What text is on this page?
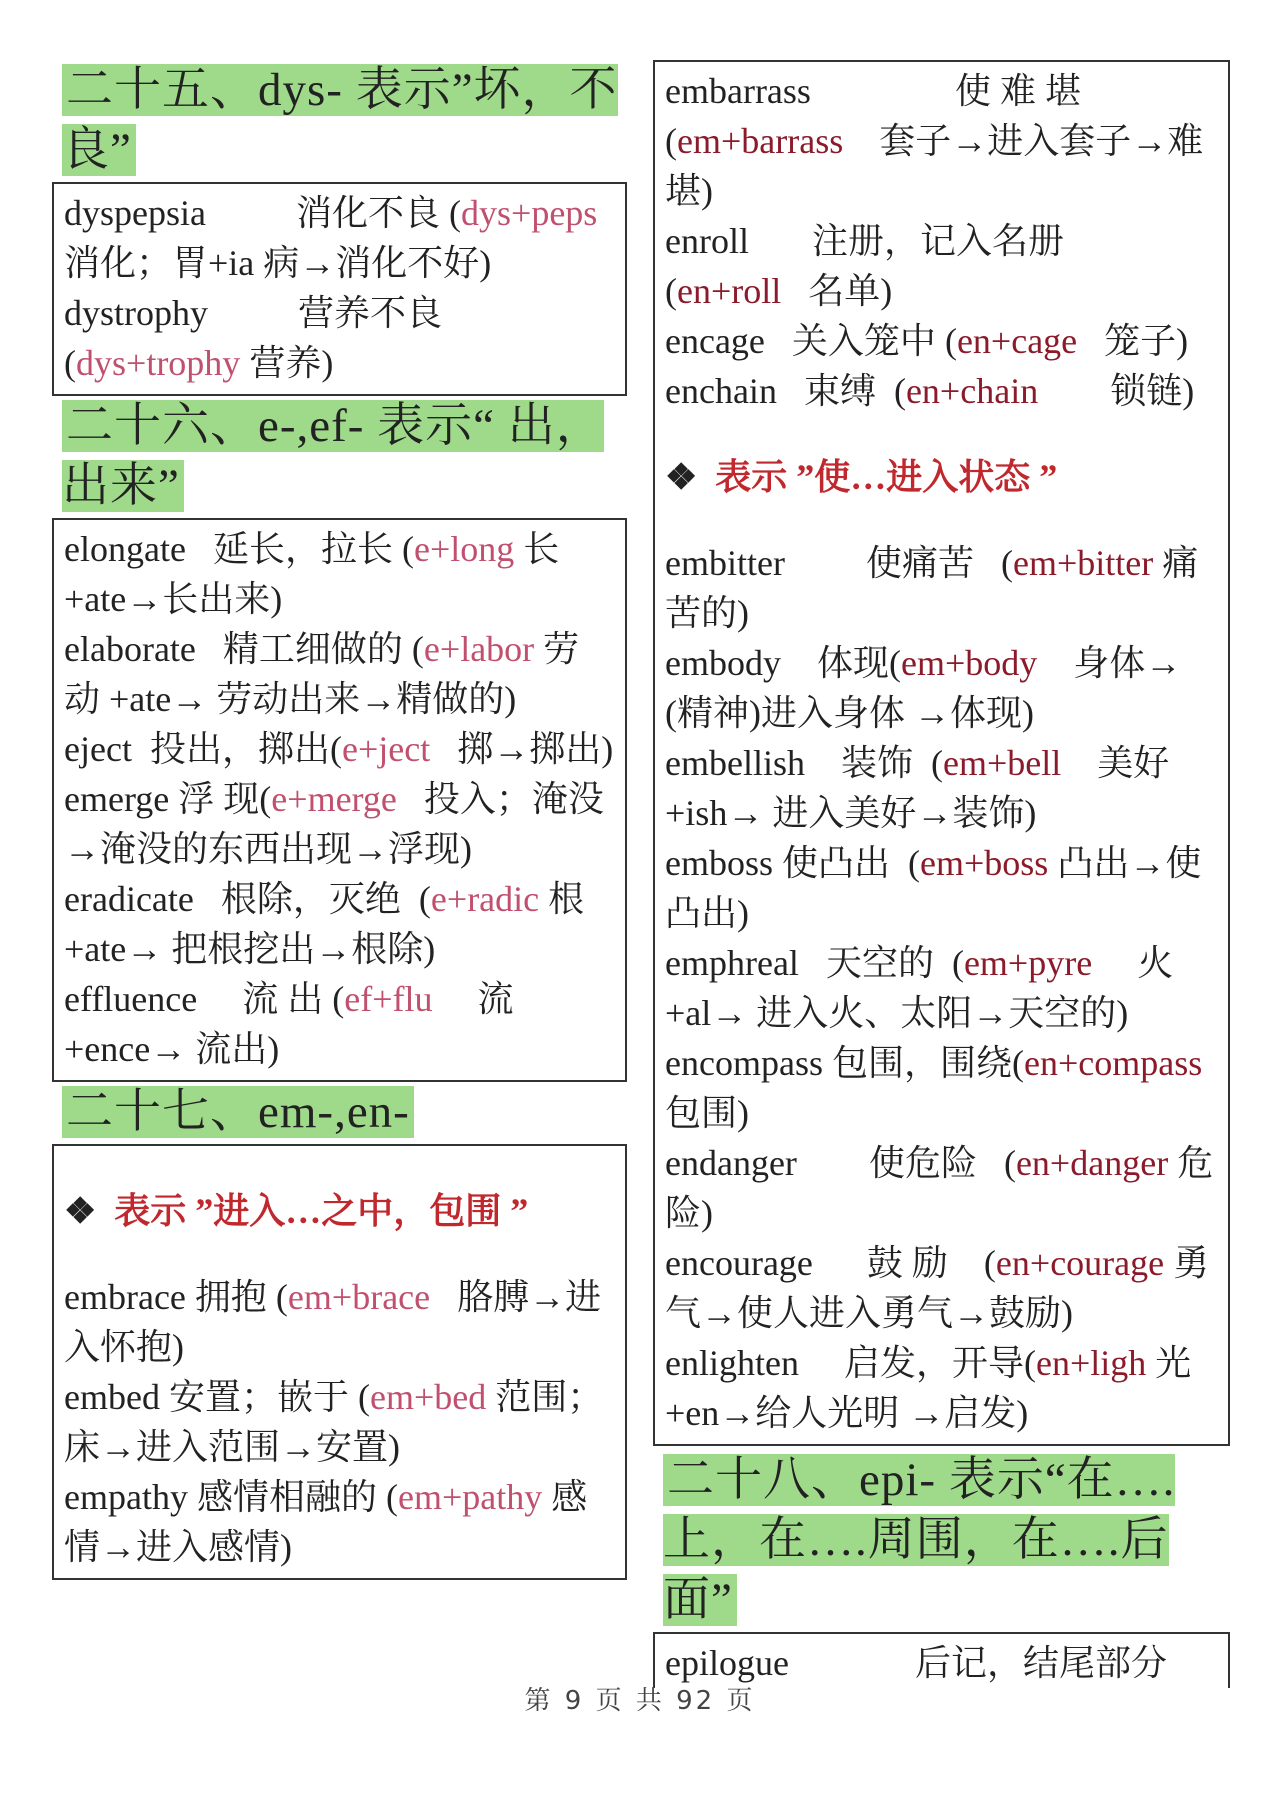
二十五、dys- 表示”坏，不良”

dyspepsia	消化不良 (dys+peps 消化；胃+ia 病→消化不好)

dystrophy	营养不良 (dys+trophy 营养)

二十六、e-,ef- 表示“ 出，出来”

elongate 延长，拉长 (e+long 长 +ate→长出来)

elaborate 精工细做的 (e+labor 劳 动 +ate→ 劳动出来→精做的)

eject 投出，掷出(e+ject 掷→掷出)

emerge 浮 现(e+merge 投入；淹没→淹没的东西出现→浮现)

eradicate 根除，灭绝  (e+radic 根 +ate→ 把根挖出→根除)

effluence 流 出 (ef+flu 流 +ence→ 流出)

二十七、em-,en-

❖ 表示 ”进入…之中，包围 ”

embrace 拥抱 (em+brace 胳膊→进入怀抱)

embed 安置；嵌于 (em+bed 范围；床→进入范围→安置)

empathy 感情相融的 (em+pathy 感情→进入感情)

embarrass	使 难 堪 (em+barrass 套子→进入套子→难堪)

enroll 注册，记入名册 (en+roll 名单)

encage 关入笼中 (en+cage 笼子)

enchain 束缚  (en+chain 锁链)

❖ 表示 ”使…进入状态 ”

embitter 使痛苦   (em+bitter 痛苦的)

embody 体现(em+body 身体→ (精神)进入身体 →体现)

embellish 装饰  (em+bell 美好+ish→ 进入美好→装饰)

emboss 使凸出  (em+boss 凸出→使凸出)

emphreal 天空的  (em+pyre 火+al→ 进入火、太阳→天空的)

encompass 包围，围绕(en+compass 包围)

endanger 使危险   (en+danger 危险)

encourage 鼓 励    (en+courage 勇气→使人进入勇气→鼓励)

enlighten 启发，开导(en+ligh 光 +en→给人光明 →启发)

二十八、epi- 表示“在….上，在….周围，在….后面”

epilogue	后记，结尾部分

第 9 页 共 92 页
